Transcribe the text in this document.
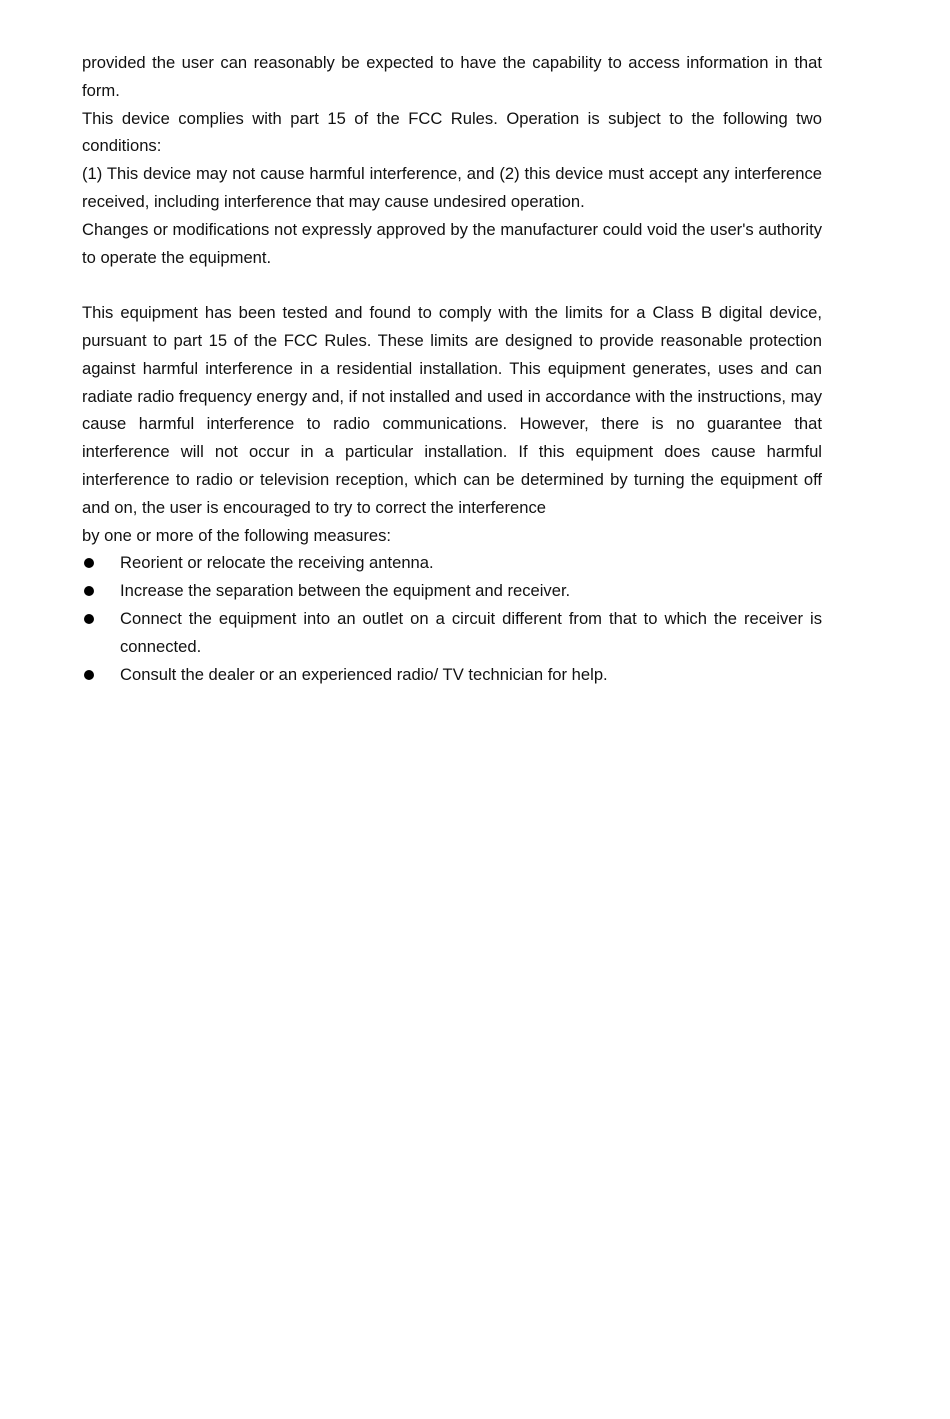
provided the user can reasonably be expected to have the capability to access information in that form.

This device complies with part 15 of the FCC Rules. Operation is subject to the following two conditions:

(1) This device may not cause harmful interference, and (2) this device must accept any interference received, including interference that may cause undesired operation.

Changes or modifications not expressly approved by the manufacturer could void the user's authority to operate the equipment.

This equipment has been tested and found to comply with the limits for a Class B digital device, pursuant to part 15 of the FCC Rules. These limits are designed to provide reasonable protection against harmful interference in a residential installation. This equipment generates, uses and can radiate radio frequency energy and, if not installed and used in accordance with the instructions, may cause harmful interference to radio communications. However, there is no guarantee that interference will not occur in a particular installation. If this equipment does cause harmful interference to radio or television reception, which can be determined by turning the equipment off and on, the user is encouraged to try to correct the interference

by one or more of the following measures:

Reorient or relocate the receiving antenna.
Increase the separation between the equipment and receiver.
Connect the equipment into an outlet on a circuit different from that to which the receiver is connected.
Consult the dealer or an experienced radio/ TV technician for help.
